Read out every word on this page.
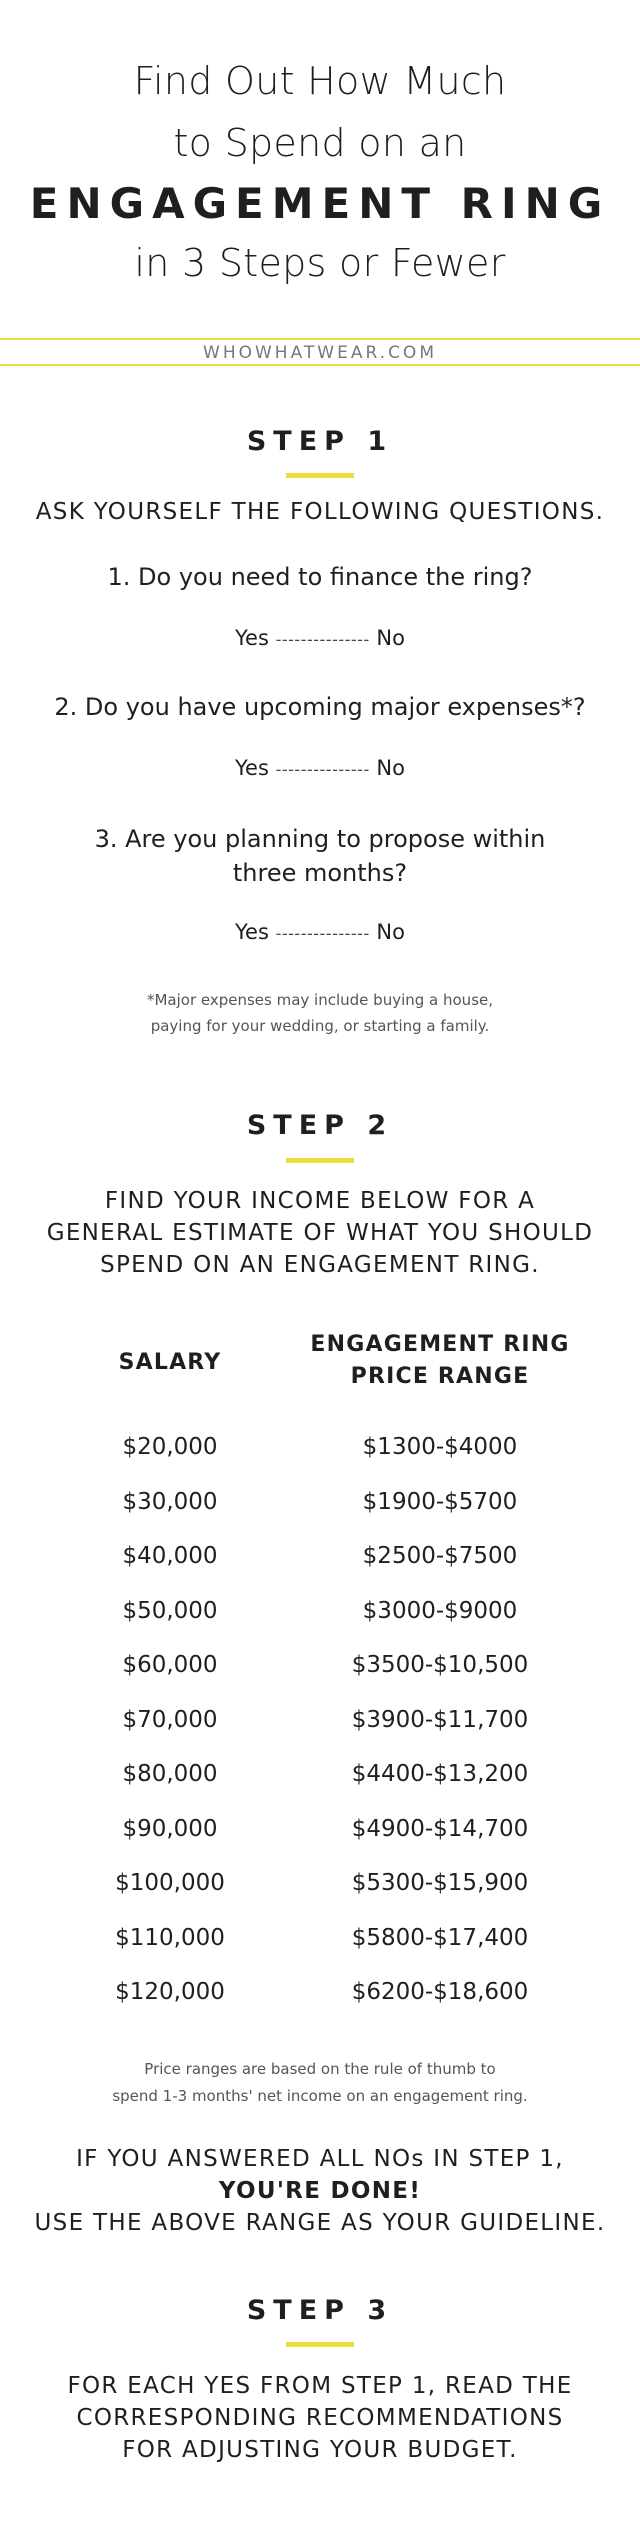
Find Out How Much
to Spend on an
ENGAGEMENT RING
in 3 Steps or Fewer
WHOWHATWEAR.COM
STEP 1
ASK YOURSELF THE FOLLOWING QUESTIONS.
1. Do you need to finance the ring?
Yes --------------- No
2. Do you have upcoming major expenses*?
Yes --------------- No
3. Are you planning to propose within
three months?
Yes --------------- No
*Major expenses may include buying a house,
paying for your wedding, or starting a family.
STEP 2
FIND YOUR INCOME BELOW FOR A
GENERAL ESTIMATE OF WHAT YOU SHOULD
SPEND ON AN ENGAGEMENT RING.
SALARY
ENGAGEMENT RING
PRICE RANGE
$20,000	$1300-$4000
$30,000	$1900-$5700
$40,000	$2500-$7500
$50,000	$3000-$9000
$60,000	$3500-$10,500
$70,000	$3900-$11,700
$80,000	$4400-$13,200
$90,000	$4900-$14,700
$100,000	$5300-$15,900
$110,000	$5800-$17,400
$120,000	$6200-$18,600
Price ranges are based on the rule of thumb to
spend 1-3 months' net income on an engagement ring.
IF YOU ANSWERED ALL NOs IN STEP 1,
YOU'RE DONE!
USE THE ABOVE RANGE AS YOUR GUIDELINE.
STEP 3
FOR EACH YES FROM STEP 1, READ THE
CORRESPONDING RECOMMENDATIONS
FOR ADJUSTING YOUR BUDGET.
